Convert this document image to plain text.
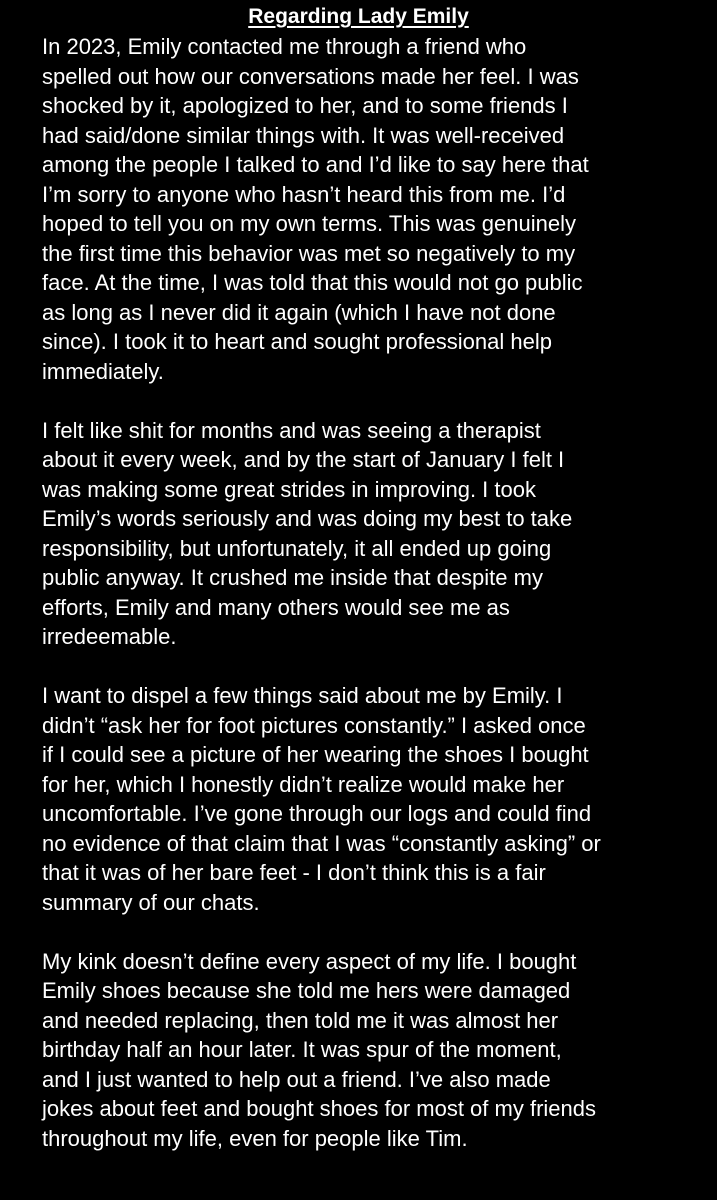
Regarding Lady Emily
In 2023, Emily contacted me through a friend who
spelled out how our conversations made her feel. I was
shocked by it, apologized to her, and to some friends I
had said/done similar things with. It was well-received
among the people I talked to and I’d like to say here that
I’m sorry to anyone who hasn’t heard this from me. I’d
hoped to tell you on my own terms. This was genuinely
the first time this behavior was met so negatively to my
face. At the time, I was told that this would not go public
as long as I never did it again (which I have not done
since). I took it to heart and sought professional help
immediately.
I felt like shit for months and was seeing a therapist
about it every week, and by the start of January I felt I
was making some great strides in improving. I took
Emily’s words seriously and was doing my best to take
responsibility, but unfortunately, it all ended up going
public anyway. It crushed me inside that despite my
efforts, Emily and many others would see me as
irredeemable.
I want to dispel a few things said about me by Emily. I
didn’t “ask her for foot pictures constantly.” I asked once
if I could see a picture of her wearing the shoes I bought
for her, which I honestly didn’t realize would make her
uncomfortable. I’ve gone through our logs and could find
no evidence of that claim that I was “constantly asking” or
that it was of her bare feet - I don’t think this is a fair
summary of our chats.
My kink doesn’t define every aspect of my life. I bought
Emily shoes because she told me hers were damaged
and needed replacing, then told me it was almost her
birthday half an hour later. It was spur of the moment,
and I just wanted to help out a friend. I’ve also made
jokes about feet and bought shoes for most of my friends
throughout my life, even for people like Tim.
